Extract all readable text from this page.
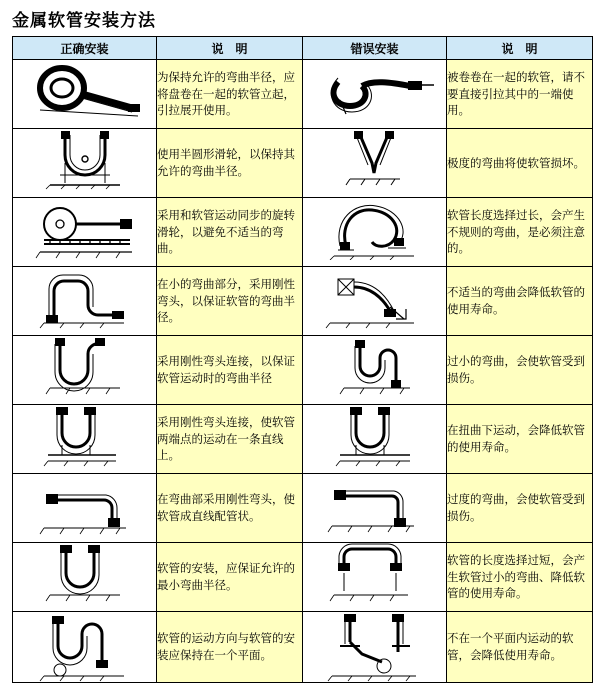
金属软管安装方法
正确安装	说　明	错误安装	说　明

	为保持允许的弯曲半径，应将盘卷在一起的软管立起，引拉展开使用。		被卷卷在一起的软管，请不要直接引拉其中的一端使用。

	使用半圆形滑轮，以保持其允许的弯曲半径。		极度的弯曲将使软管损坏。

	采用和软管运动同步的旋转滑轮，以避免不适当的弯曲。		软管长度选择过长，会产生不规则的弯曲，是必须注意的。

	在小的弯曲部分，采用刚性弯头，以保证软管的弯曲半径。		不适当的弯曲会降低软管的使用寿命。

	采用刚性弯头连接，以保证软管运动时的弯曲半径		过小的弯曲，会使软管受到损伤。

	采用刚性弯头连接，使软管两端点的运动在一条直线上。		在扭曲下运动，会降低软管的使用寿命。

	在弯曲部采用刚性弯头，使软管成直线配管状。		过度的弯曲，会使软管受到损伤。

	软管的安装，应保证允许的最小弯曲半径。		软管的长度选择过短，会产生软管过小的弯曲、降低软管的使用寿命。

	软管的运动方向与软管的安装应保持在一个平面。		不在一个平面内运动的软管，会降低使用寿命。
